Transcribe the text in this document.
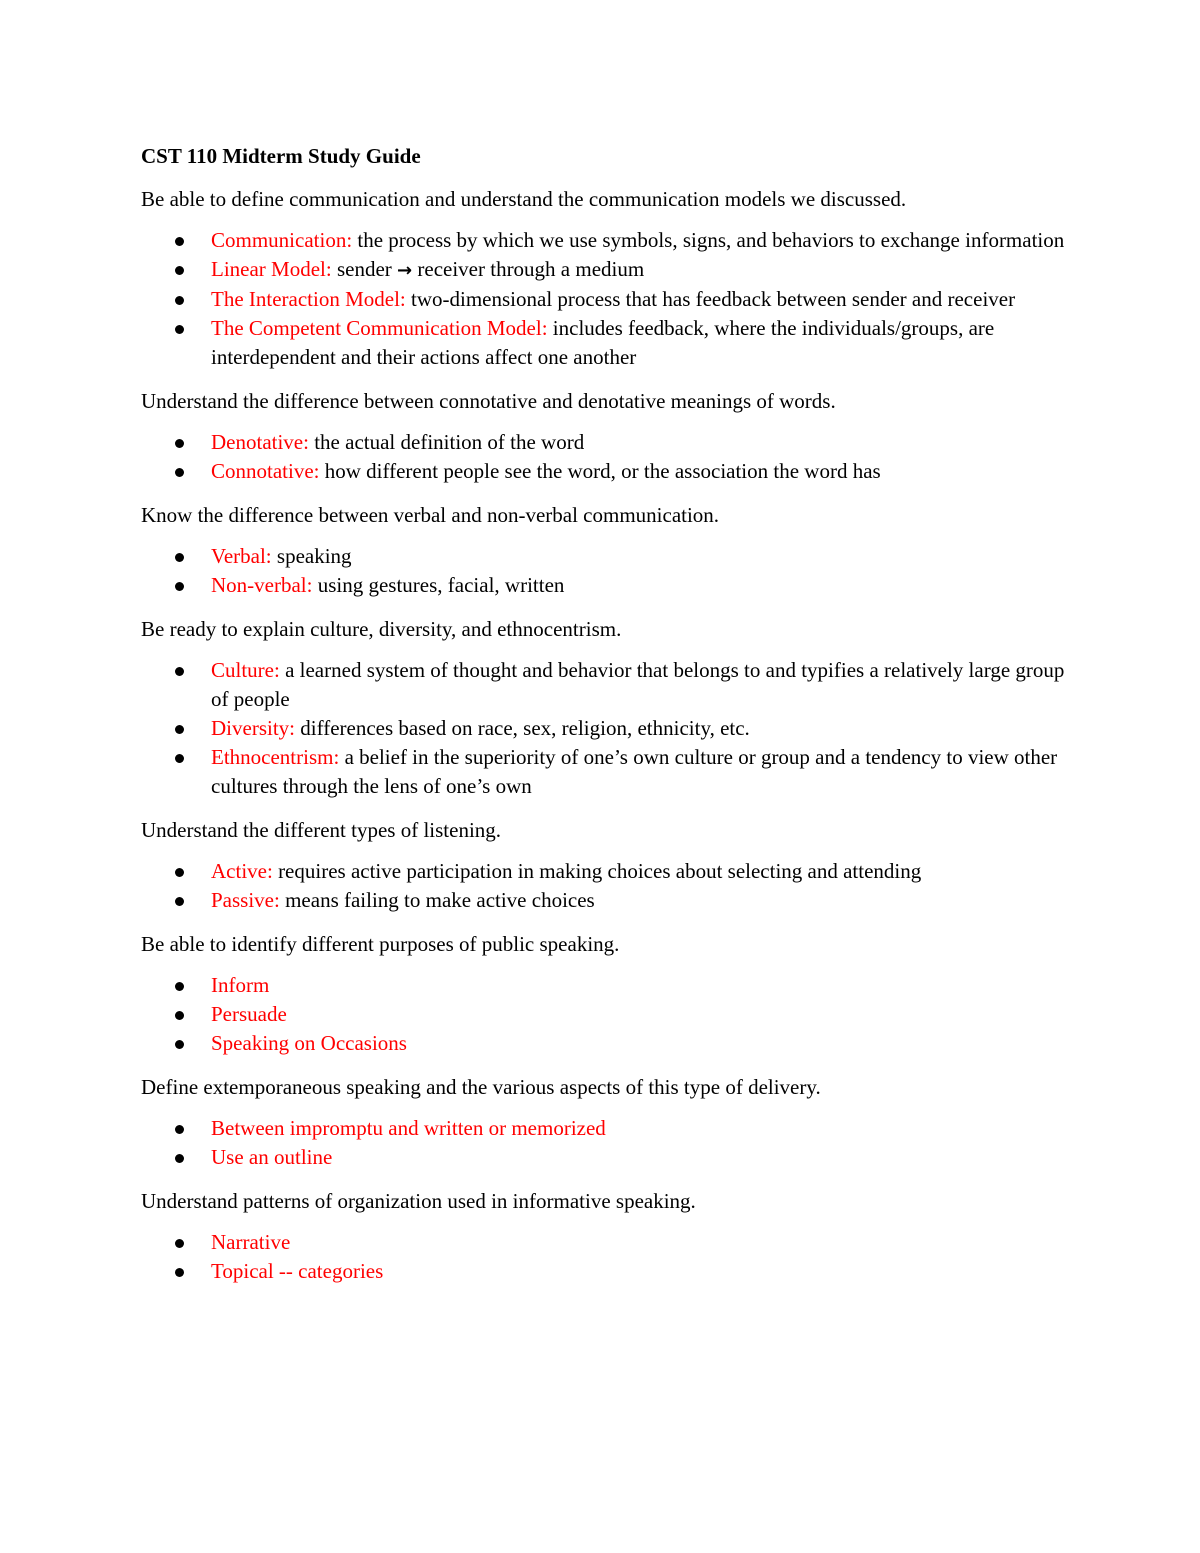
CST 110 Midterm Study Guide
Be able to define communication and understand the communication models we discussed.
Communication: the process by which we use symbols, signs, and behaviors to exchange information
Linear Model: sender → receiver through a medium
The Interaction Model: two-dimensional process that has feedback between sender and receiver
The Competent Communication Model: includes feedback, where the individuals/groups, are interdependent and their actions affect one another
Understand the difference between connotative and denotative meanings of words.
Denotative: the actual definition of the word
Connotative: how different people see the word, or the association the word has
Know the difference between verbal and non-verbal communication.
Verbal: speaking
Non-verbal: using gestures, facial, written
Be ready to explain culture, diversity, and ethnocentrism.
Culture: a learned system of thought and behavior that belongs to and typifies a relatively large group of people
Diversity: differences based on race, sex, religion, ethnicity, etc.
Ethnocentrism: a belief in the superiority of one’s own culture or group and a tendency to view other cultures through the lens of one’s own
Understand the different types of listening.
Active: requires active participation in making choices about selecting and attending
Passive: means failing to make active choices
Be able to identify different purposes of public speaking.
Inform
Persuade
Speaking on Occasions
Define extemporaneous speaking and the various aspects of this type of delivery.
Between impromptu and written or memorized
Use an outline
Understand patterns of organization used in informative speaking.
Narrative
Topical -- categories
